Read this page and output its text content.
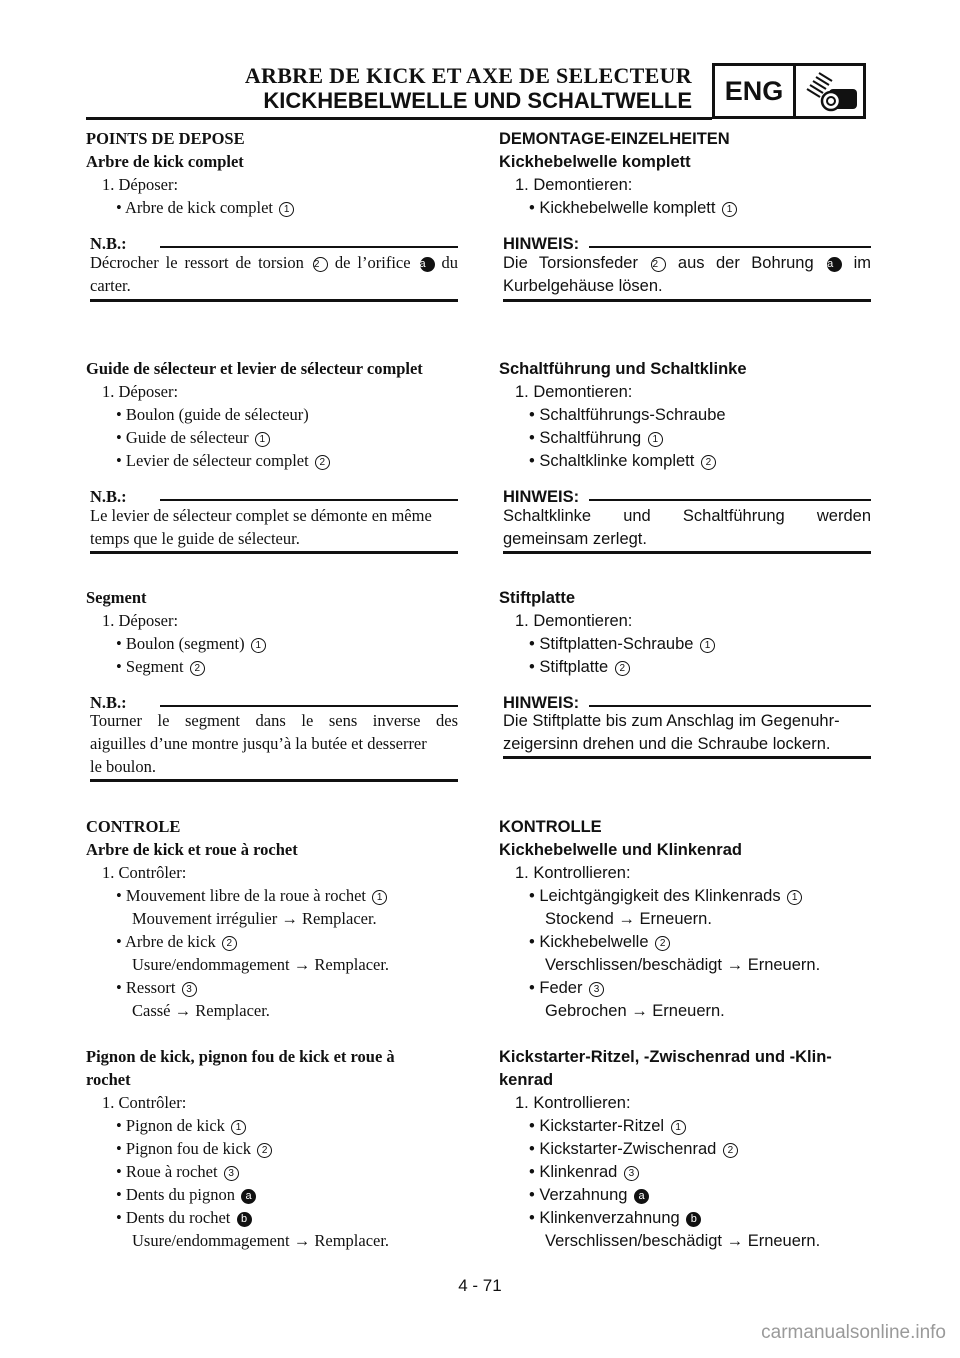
ARBRE DE KICK ET AXE DE SELECTEUR
KICKHEBELWELLE UND SCHALTWELLE	ENG
POINTS DE DEPOSE
Arbre de kick complet
1. Déposer:
• Arbre de kick complet 1
N.B.:
Décrocher le ressort de torsion 2 de l’orifice a du
carter.
Guide de sélecteur et levier de sélecteur complet
1. Déposer:
• Boulon (guide de sélecteur)
• Guide de sélecteur 1
• Levier de sélecteur complet 2
N.B.:
Le levier de sélecteur complet se démonte en même
temps que le guide de sélecteur.
Segment
1. Déposer:
• Boulon (segment) 1
• Segment 2
N.B.:
Tourner le segment dans le sens inverse des
aiguilles d’une montre jusqu’à la butée et desserrer
le boulon.
CONTROLE
Arbre de kick et roue à rochet
1. Contrôler:
• Mouvement libre de la roue à rochet 1
Mouvement irrégulier → Remplacer.
• Arbre de kick 2
Usure/endommagement → Remplacer.
• Ressort 3
Cassé → Remplacer.
Pignon de kick, pignon fou de kick et roue à
rochet
1. Contrôler:
• Pignon de kick 1
• Pignon fou de kick 2
• Roue à rochet 3
• Dents du pignon a
• Dents du rochet b
Usure/endommagement → Remplacer.
DEMONTAGE-EINZELHEITEN
Kickhebelwelle komplett
1. Demontieren:
• Kickhebelwelle komplett 1
HINWEIS:
Die Torsionsfeder 2 aus der Bohrung a im
Kurbelgehäuse lösen.
Schaltführung und Schaltklinke
1. Demontieren:
• Schaltführungs-Schraube
• Schaltführung 1
• Schaltklinke komplett 2
HINWEIS:
Schaltklinke und Schaltführung werden
gemeinsam zerlegt.
Stiftplatte
1. Demontieren:
• Stiftplatten-Schraube 1
• Stiftplatte 2
HINWEIS:
Die Stiftplatte bis zum Anschlag im Gegenuhr-
zeigersinn drehen und die Schraube lockern.
KONTROLLE
Kickhebelwelle und Klinkenrad
1. Kontrollieren:
• Leichtgängigkeit des Klinkenrads 1
Stockend → Erneuern.
• Kickhebelwelle 2
Verschlissen/beschädigt → Erneuern.
• Feder 3
Gebrochen → Erneuern.
Kickstarter-Ritzel, -Zwischenrad und -Klin-
kenrad
1. Kontrollieren:
• Kickstarter-Ritzel 1
• Kickstarter-Zwischenrad 2
• Klinkenrad 3
• Verzahnung a
• Klinkenverzahnung b
Verschlissen/beschädigt → Erneuern.
4 - 71
carmanualsonline.info
